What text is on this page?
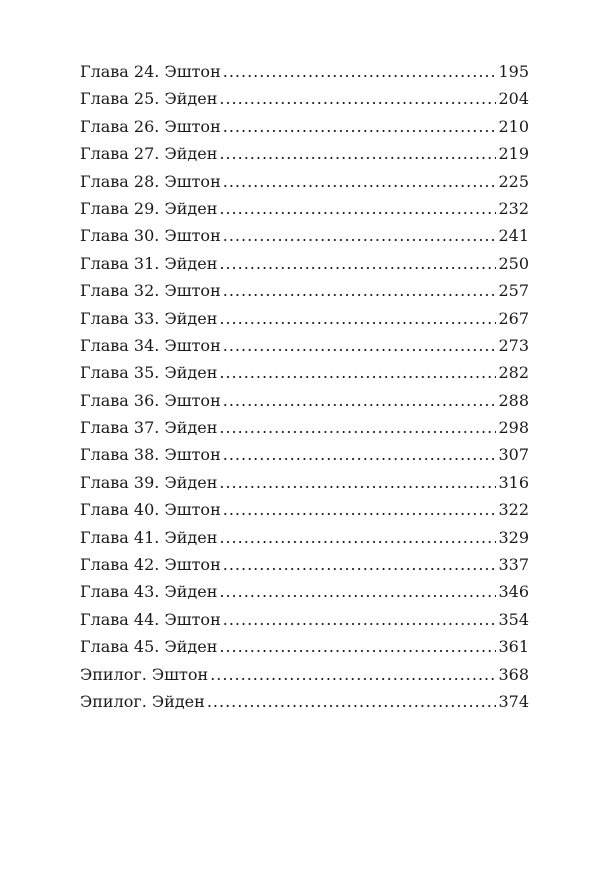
Глава 24. Эштон .....	195
Глава 25. Эйден .....	204
Глава 26. Эштон .....	210
Глава 27. Эйден .....	219
Глава 28. Эштон .....	225
Глава 29. Эйден .....	232
Глава 30. Эштон .....	241
Глава 31. Эйден .....	250
Глава 32. Эштон .....	257
Глава 33. Эйден .....	267
Глава 34. Эштон .....	273
Глава 35. Эйден .....	282
Глава 36. Эштон .....	288
Глава 37. Эйден .....	298
Глава 38. Эштон .....	307
Глава 39. Эйден .....	316
Глава 40. Эштон .....	322
Глава 41. Эйден .....	329
Глава 42. Эштон .....	337
Глава 43. Эйден .....	346
Глава 44. Эштон .....	354
Глава 45. Эйден .....	361
Эпилог. Эштон .....	368
Эпилог. Эйден .....	374
